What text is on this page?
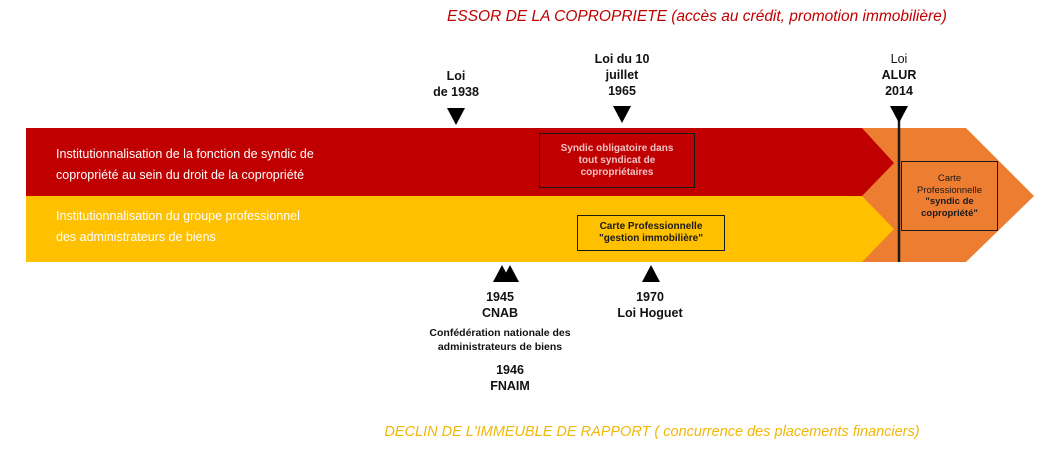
ESSOR DE LA COPROPRIETE (accès au crédit, promotion immobilière)
DECLIN DE L'IMMEUBLE DE RAPPORT ( concurrence des placements financiers)
Institutionnalisation de la fonction de syndic de
copropriété au sein du droit de la copropriété
Institutionnalisation du groupe professionnel
des administrateurs de biens
Loi
de 1938
Loi du 10
juillet
1965
Loi
ALUR
2014
1945
CNAB
Confédération nationale des
administrateurs de biens
1946
FNAIM
1970
Loi Hoguet
Syndic obligatoire dans
tout syndicat de
copropriétaires
Carte Professionnelle
"gestion immobilière"
Carte
Professionnelle
"syndic de
copropriété"
